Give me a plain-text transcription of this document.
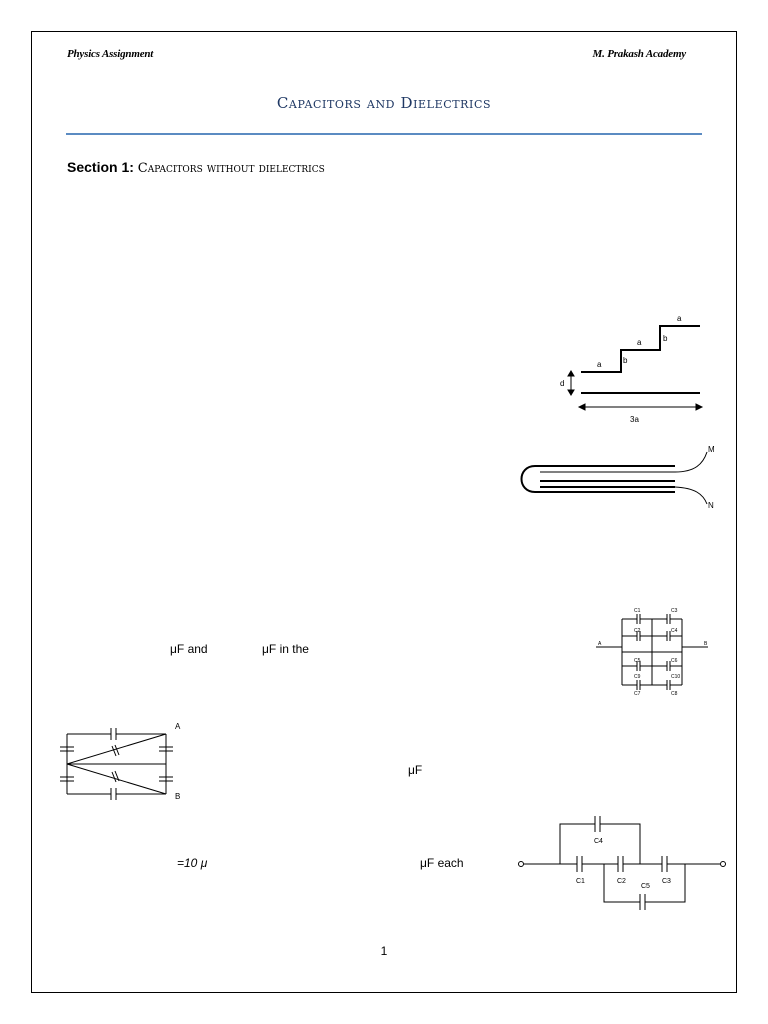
Physics Assignment	M. Prakash Academy
Capacitors and Dielectrics
Section 1: Capacitors without dielectrics
a	b
a	b
a
d
3a
M
N
A	B
C1
C2
C3
C4
C5	C6
C7	C8
C9	C10
A
B
C4
C1	C2
C5
C3
μF and	μF in the
μF
=10 μ	μF each
1
